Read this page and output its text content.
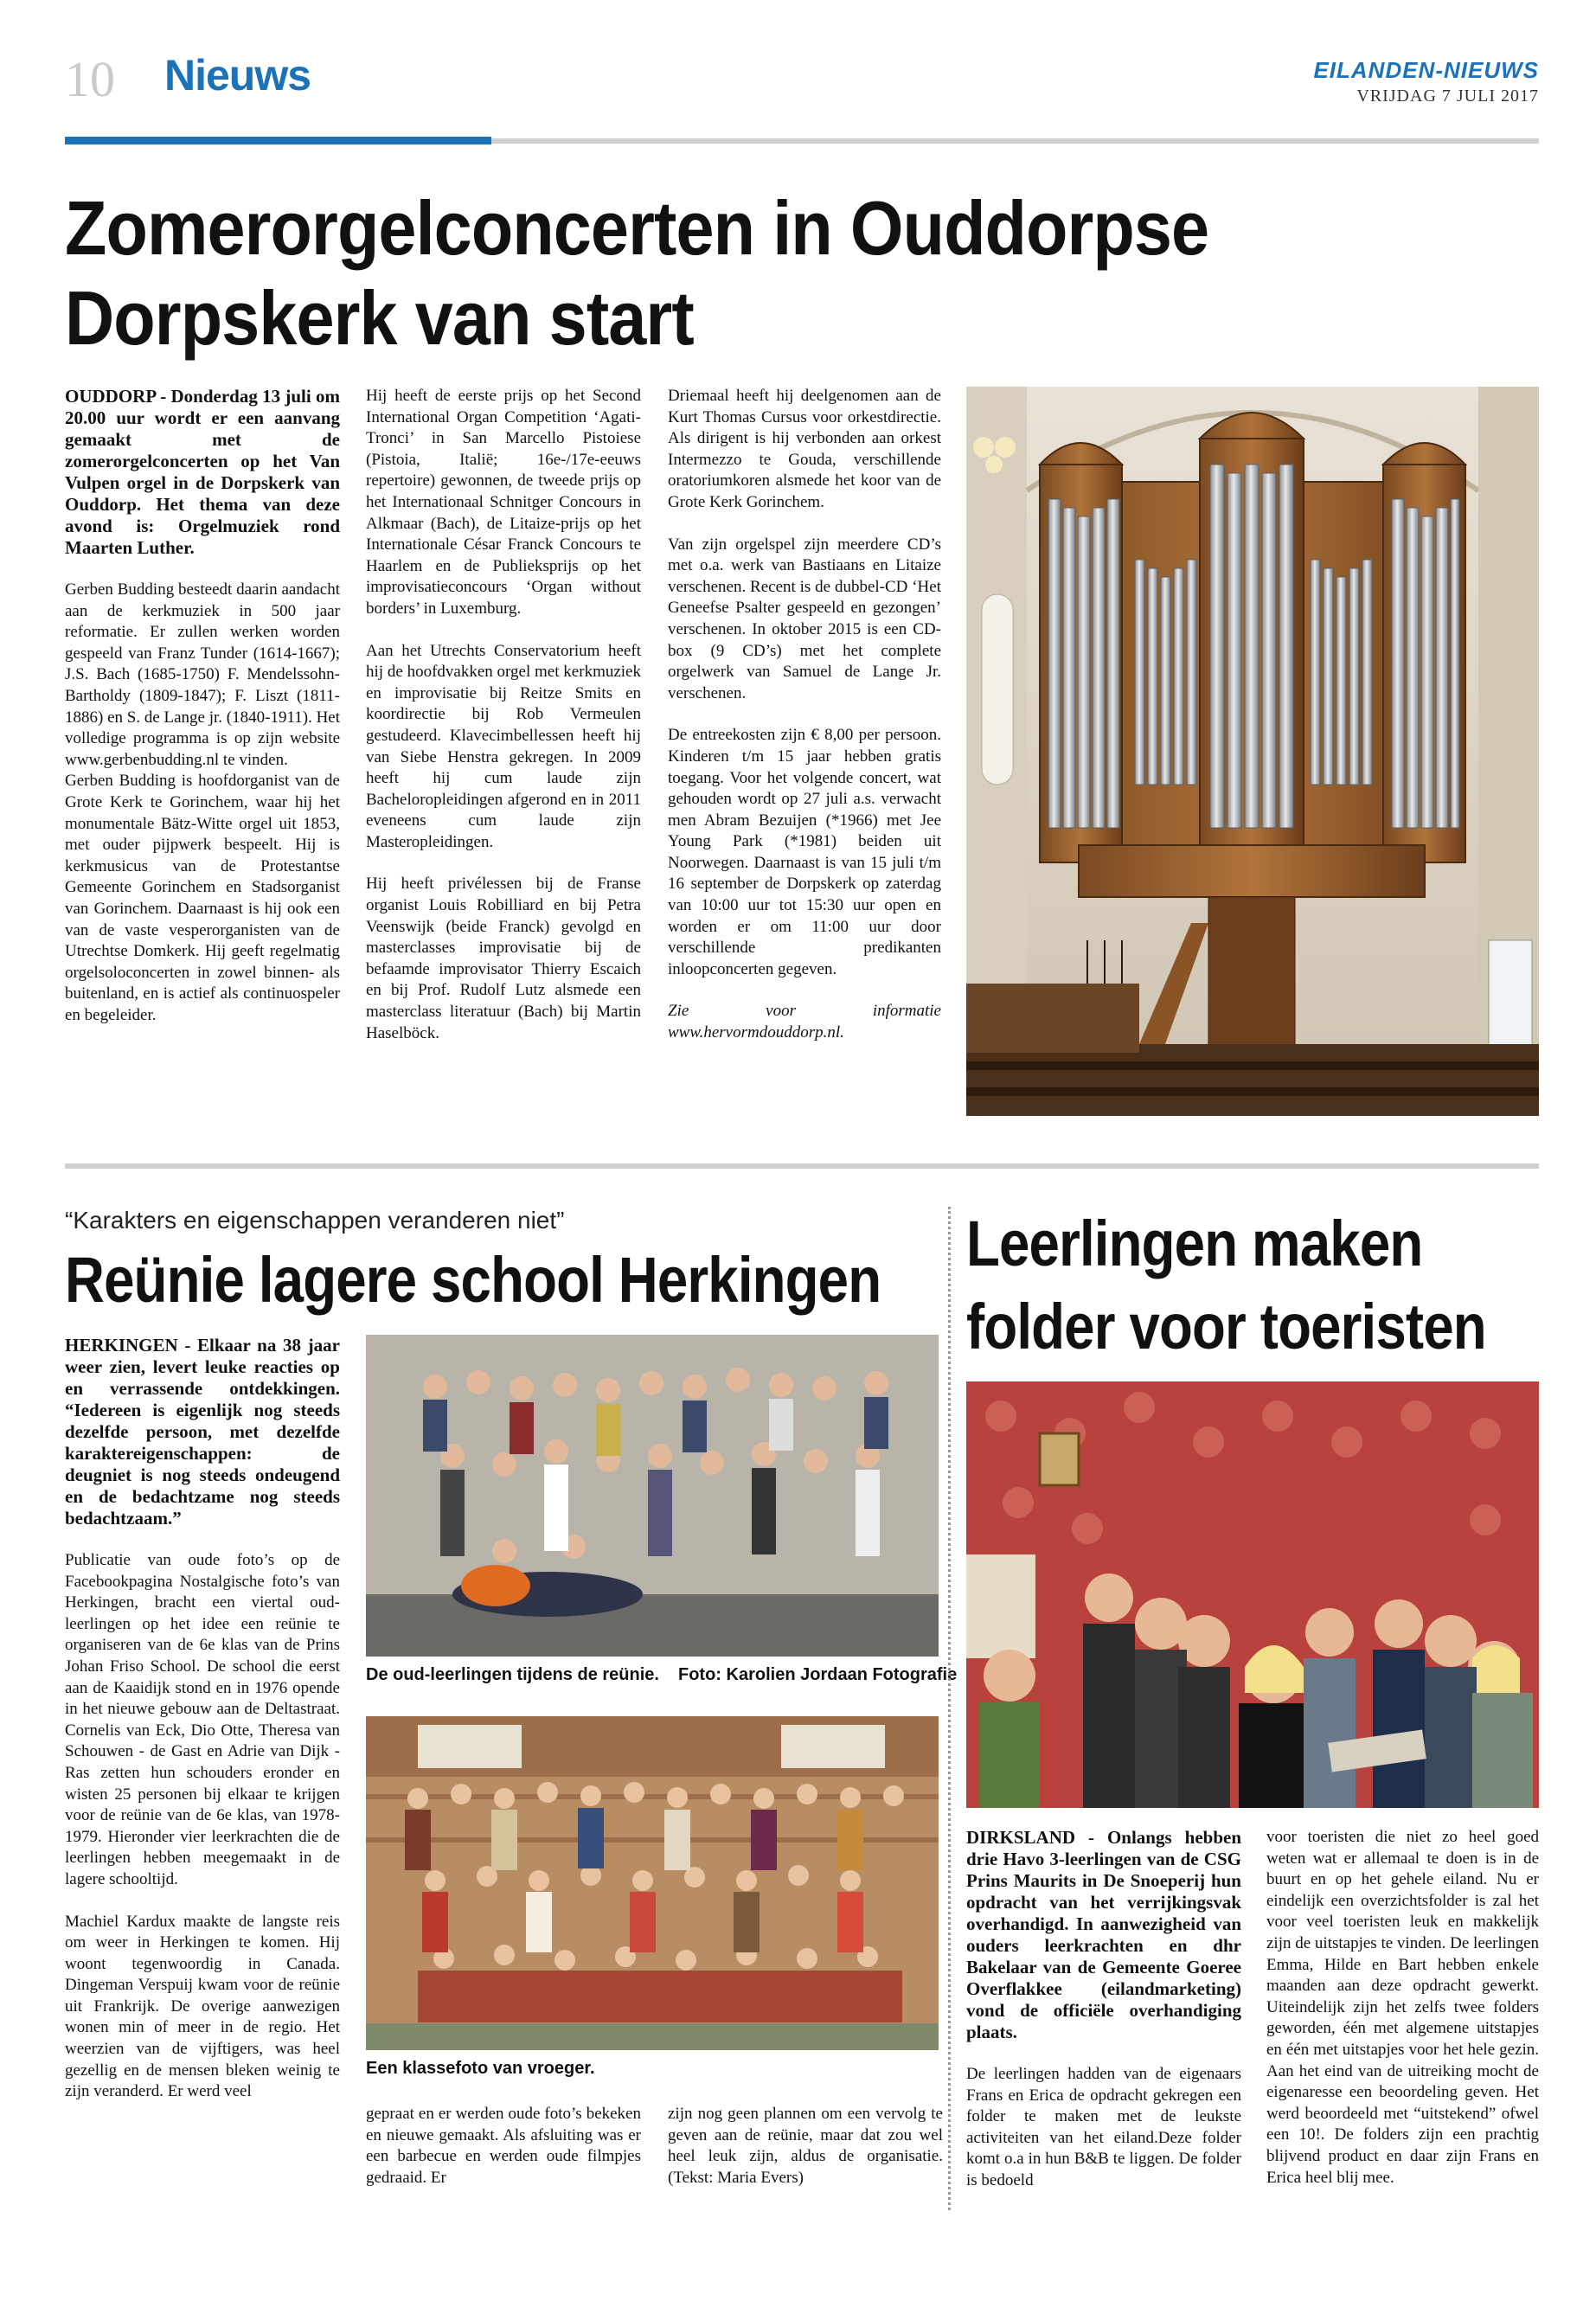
10 Nieuws	EILANDEN-NIEUWS
VRIJDAG 7 JULI 2017
Zomerorgelconcerten in Ouddorpse Dorpskerk van start

OUDDORP - Donderdag 13 juli om 20.00 uur wordt er een aanvang gemaakt met de zomerorgelconcerten op het Van Vulpen orgel in de Dorpskerk van Ouddorp. Het thema van deze avond is: Orgelmuziek rond Maarten Luther.

Gerben Budding besteedt daarin aandacht aan de kerkmuziek in 500 jaar reformatie. Er zullen werken worden gespeeld van Franz Tunder (1614-1667); J.S. Bach (1685-1750) F. Mendelssohn-Bartholdy (1809-1847); F. Liszt (1811-1886) en S. de Lange jr. (1840-1911). Het volledige programma is op zijn website www.gerbenbudding.nl te vinden.

Gerben Budding is hoofdorganist van de Grote Kerk te Gorinchem, waar hij het monumentale Bätz-Witte orgel uit 1853, met ouder pijpwerk bespeelt. Hij is kerkmusicus van de Protestantse Gemeente Gorinchem en Stadsorganist van Gorinchem. Daarnaast is hij ook een van de vaste vesperorganisten van de Utrechtse Domkerk. Hij geeft regelmatig orgelsoloconcerten in zowel binnen- als buitenland, en is actief als continuospeler en begeleider.

Hij heeft de eerste prijs op het Second International Organ Competition ‘Agati-Tronci’ in San Marcello Pistoiese (Pistoia, Italië; 16e-/17e-eeuws repertoire) gewonnen, de tweede prijs op het Internationaal Schnitger Concours in Alkmaar (Bach), de Litaize-prijs op het Internationale César Franck Concours te Haarlem en de Publieksprijs op het improvisatieconcours ‘Organ without borders’ in Luxemburg.

Aan het Utrechts Conservatorium heeft hij de hoofdvakken orgel met kerkmuziek en improvisatie bij Reitze Smits en koordirectie bij Rob Vermeulen gestudeerd. Klavecimbellessen heeft hij van Siebe Henstra gekregen. In 2009 heeft hij cum laude zijn Bacheloropleidingen afgerond en in 2011 eveneens cum laude zijn Masteropleidingen.

Hij heeft privélessen bij de Franse organist Louis Robilliard en bij Petra Veenswijk (beide Franck) gevolgd en masterclasses improvisatie bij de befaamde improvisator Thierry Escaich en bij Prof. Rudolf Lutz alsmede een masterclass literatuur (Bach) bij Martin Haselböck.

Driemaal heeft hij deelgenomen aan de Kurt Thomas Cursus voor orkestdirectie. Als dirigent is hij verbonden aan orkest Intermezzo te Gouda, verschillende oratoriumkoren alsmede het koor van de Grote Kerk Gorinchem.

Van zijn orgelspel zijn meerdere CD’s met o.a. werk van Bastiaans en Litaize verschenen. Recent is de dubbel-CD ‘Het Geneefse Psalter gespeeld en gezongen’ verschenen. In oktober 2015 is een CD-box (9 CD’s) met het complete orgelwerk van Samuel de Lange Jr. verschenen.

De entreekosten zijn € 8,00 per persoon. Kinderen t/m 15 jaar hebben gratis toegang. Voor het volgende concert, wat gehouden wordt op 27 juli a.s. verwacht men Abram Bezuijen (*1966) met Jee Young Park (*1981) beiden uit Noorwegen. Daarnaast is van 15 juli t/m 16 september de Dorpskerk op zaterdag van 10:00 uur tot 15:30 uur open en worden er om 11:00 uur door verschillende predikanten inloopconcerten gegeven.

Zie voor informatie www.hervormdouddorp.nl.

“Karakters en eigenschappen veranderen niet”
Reünie lagere school Herkingen

HERKINGEN - Elkaar na 38 jaar weer zien, levert leuke reacties op en verrassende ontdekkingen. “Iedereen is eigenlijk nog steeds dezelfde persoon, met dezelfde karaktereigenschappen: de deugniet is nog steeds ondeugend en de bedachtzame nog steeds bedachtzaam.”

Publicatie van oude foto’s op de Facebookpagina Nostalgische foto’s van Herkingen, bracht een viertal oud-leerlingen op het idee een reünie te organiseren van de 6e klas van de Prins Johan Friso School. De school die eerst aan de Kaaidijk stond en in 1976 opende in het nieuwe gebouw aan de Deltastraat. Cornelis van Eck, Dio Otte, Theresa van Schouwen - de Gast en Adrie van Dijk - Ras zetten hun schouders eronder en wisten 25 personen bij elkaar te krijgen voor de reünie van de 6e klas, van 1978-1979. Hieronder vier leerkrachten die de leerlingen hebben meegemaakt in de lagere schooltijd.

Machiel Kardux maakte de langste reis om weer in Herkingen te komen. Hij woont tegenwoordig in Canada. Dingeman Verspuij kwam voor de reünie uit Frankrijk. De overige aanwezigen wonen min of meer in de regio. Het weerzien van de vijftigers, was heel gezellig en de mensen bleken weinig te zijn veranderd. Er werd veel

De oud-leerlingen tijdens de reünie. Foto: Karolien Jordaan Fotografie
Een klassefoto van vroeger.

gepraat en er werden oude foto’s bekeken en nieuwe gemaakt. Als afsluiting was er een barbecue en werden oude filmpjes gedraaid. Er

zijn nog geen plannen om een vervolg te geven aan de reünie, maar dat zou wel heel leuk zijn, aldus de organisatie. (Tekst: Maria Evers)

Leerlingen maken folder voor toeristen

DIRKSLAND - Onlangs hebben drie Havo 3-leerlingen van de CSG Prins Maurits in De Snoeperij hun opdracht van het verrijkingsvak overhandigd. In aanwezigheid van ouders leerkrachten en dhr Bakelaar van de Gemeente Goeree Overflakkee (eilandmarketing) vond de officiële overhandiging plaats.

De leerlingen hadden van de eigenaars Frans en Erica de opdracht gekregen een folder te maken met de leukste activiteiten van het eiland.Deze folder komt o.a in hun B&B te liggen. De folder is bedoeld

voor toeristen die niet zo heel goed weten wat er allemaal te doen is in de buurt en op het gehele eiland. Nu er eindelijk een overzichtsfolder is zal het voor veel toeristen leuk en makkelijk zijn de uitstapjes te vinden. De leerlingen Emma, Hilde en Bart hebben enkele maanden aan deze opdracht gewerkt. Uiteindelijk zijn het zelfs twee folders geworden, één met algemene uitstapjes en één met uitstapjes voor het hele gezin. Aan het eind van de uitreiking mocht de eigenaresse een beoordeling geven. Het werd beoordeeld met “uitstekend” ofwel een 10!. De folders zijn een prachtig blijvend product en daar zijn Frans en Erica heel blij mee.
